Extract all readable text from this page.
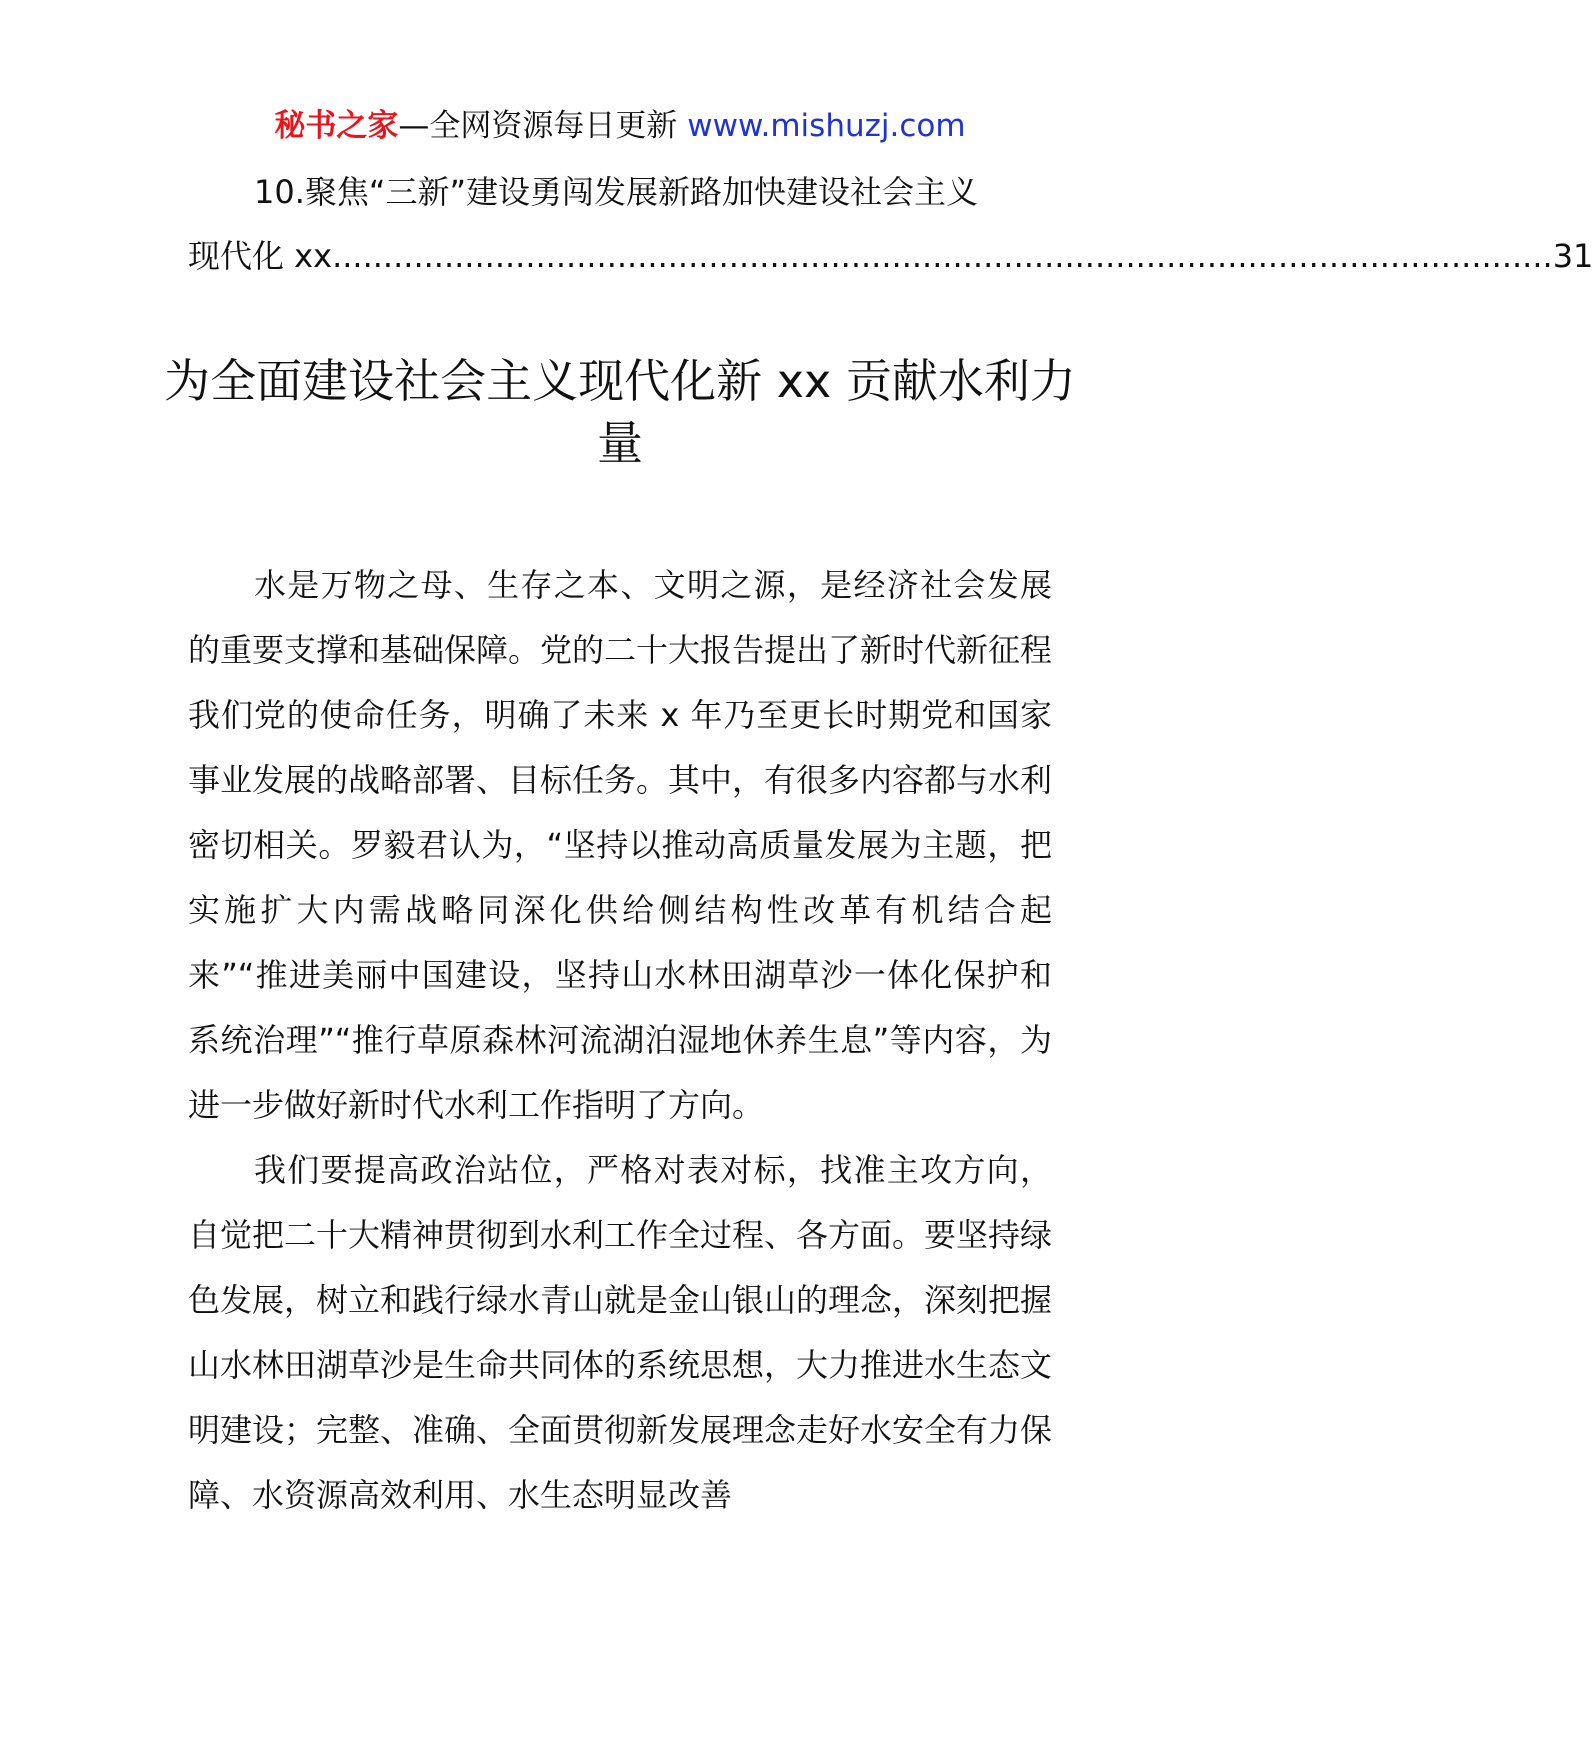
秘书之家—全网资源每日更新 www.mishuzj.com
10.聚焦“三新”建设勇闯发展新路加快建设社会主义
现代化 xx ........................................................................................................................ 31
为全面建设社会主义现代化新 xx 贡献水利力量

水是万物之母、生存之本、文明之源，是经济社会发展的重要支撑和基础保障。党的二十大报告提出了新时代新征程我们党的使命任务，明确了未来 x 年乃至更长时期党和国家事业发展的战略部署、目标任务。其中，有很多内容都与水利密切相关。罗毅君认为，“坚持以推动高质量发展为主题，把实施扩大内需战略同深化供给侧结构性改革有机结合起来”“推进美丽中国建设，坚持山水林田湖草沙一体化保护和系统治理”“推行草原森林河流湖泊湿地休养生息”等内容，为进一步做好新时代水利工作指明了方向。

我们要提高政治站位，严格对表对标，找准主攻方向，自觉把二十大精神贯彻到水利工作全过程、各方面。要坚持绿色发展，树立和践行绿水青山就是金山银山的理念，深刻把握山水林田湖草沙是生命共同体的系统思想，大力推进水生态文明建设；完整、准确、全面贯彻新发展理念走好水安全有力保障、水资源高效利用、水生态明显改善
